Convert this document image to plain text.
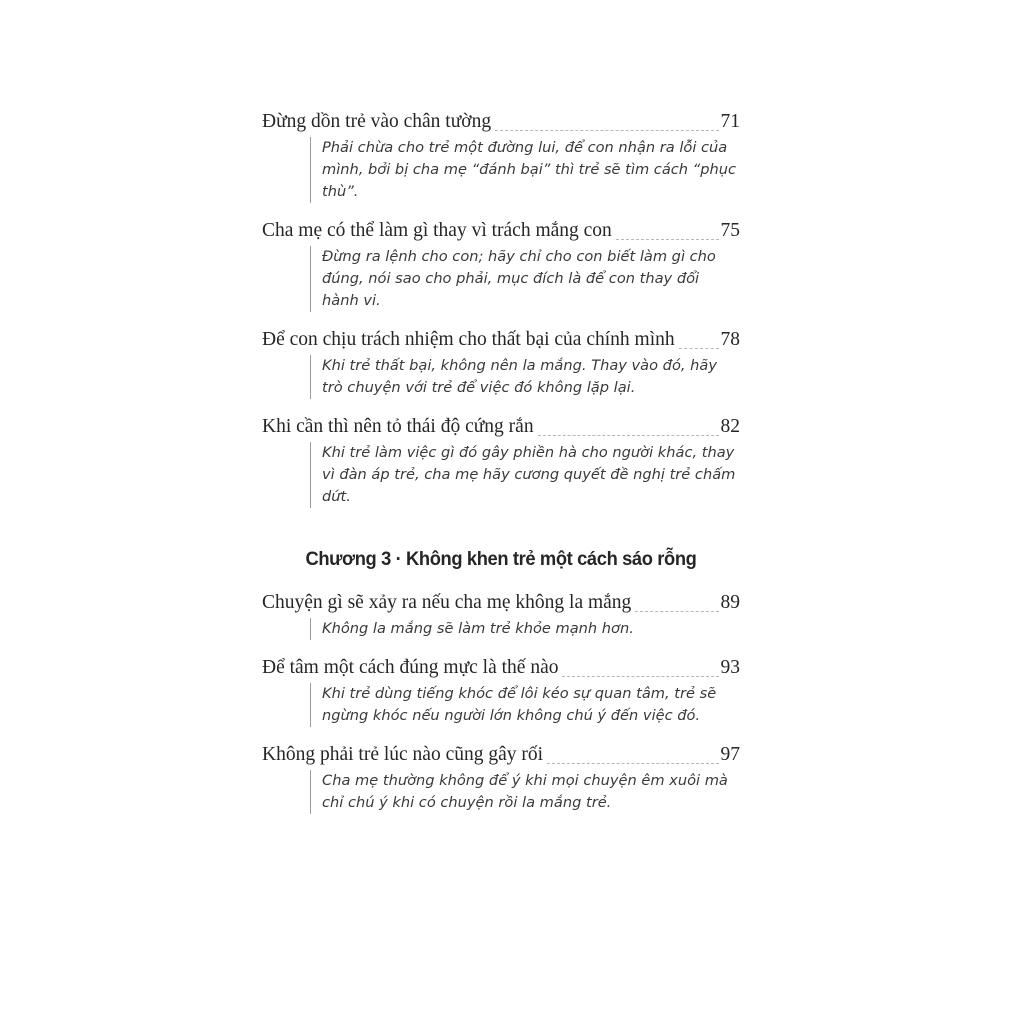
Đừng dồn trẻ vào chân tường	71
Phải chừa cho trẻ một đường lui, để con nhận ra lỗi của mình, bởi bị cha mẹ “đánh bại” thì trẻ sẽ tìm cách “phục thù”.
Cha mẹ có thể làm gì thay vì trách mắng con	75
Đừng ra lệnh cho con; hãy chỉ cho con biết làm gì cho đúng, nói sao cho phải, mục đích là để con thay đổi hành vi.
Để con chịu trách nhiệm cho thất bại của chính mình 78
Khi trẻ thất bại, không nên la mắng. Thay vào đó, hãy trò chuyện với trẻ để việc đó không lặp lại.
Khi cần thì nên tỏ thái độ cứng rắn	82
Khi trẻ làm việc gì đó gây phiền hà cho người khác, thay vì đàn áp trẻ, cha mẹ hãy cương quyết đề nghị trẻ chấm dứt.
Chương 3 · Không khen trẻ một cách sáo rỗng
Chuyện gì sẽ xảy ra nếu cha mẹ không la mắng	89
Không la mắng sẽ làm trẻ khỏe mạnh hơn.
Để tâm một cách đúng mực là thế nào	93
Khi trẻ dùng tiếng khóc để lôi kéo sự quan tâm, trẻ sẽ ngừng khóc nếu người lớn không chú ý đến việc đó.
Không phải trẻ lúc nào cũng gây rối	97
Cha mẹ thường không để ý khi mọi chuyện êm xuôi mà chỉ chú ý khi có chuyện rồi la mắng trẻ.
